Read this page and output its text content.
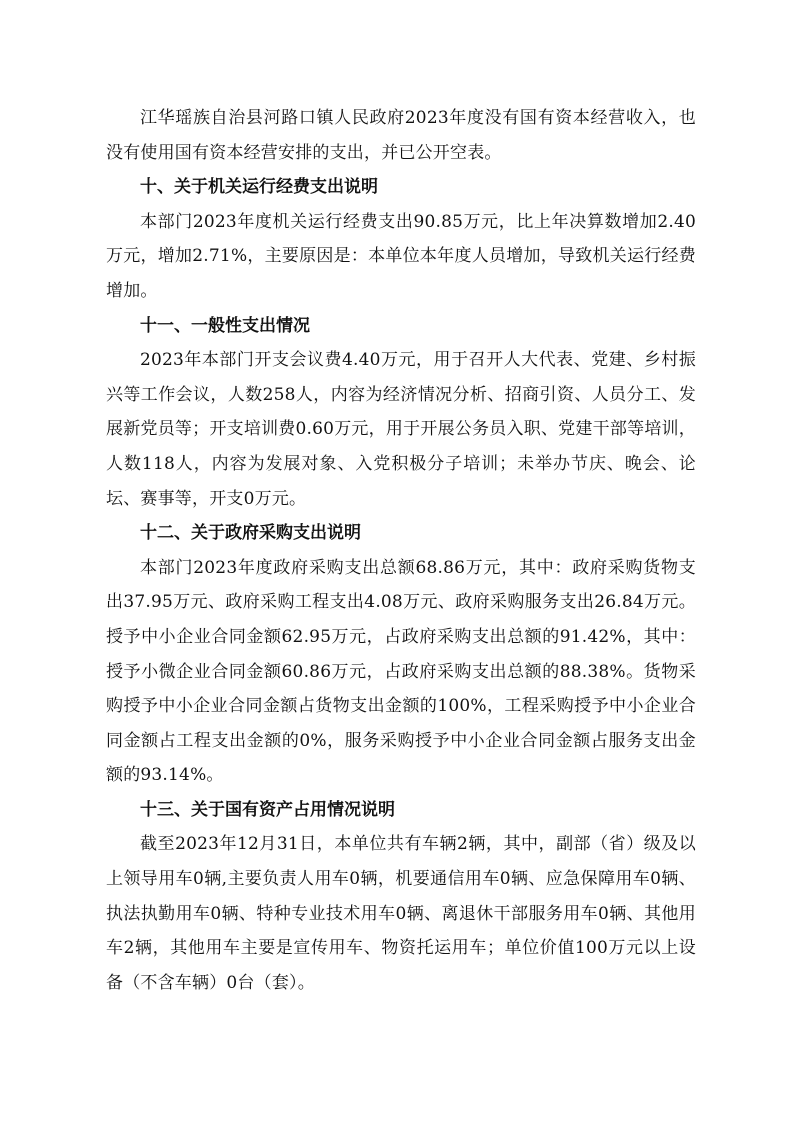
江华瑶族自治县河路口镇人民政府2023年度没有国有资本经营收入，也没有使用国有资本经营安排的支出，并已公开空表。

十、关于机关运行经费支出说明

本部门2023年度机关运行经费支出90.85万元，比上年决算数增加2.40万元，增加2.71%，主要原因是：本单位本年度人员增加，导致机关运行经费增加。

十一、一般性支出情况

2023年本部门开支会议费4.40万元，用于召开人大代表、党建、乡村振兴等工作会议，人数258人，内容为经济情况分析、招商引资、人员分工、发展新党员等；开支培训费0.60万元，用于开展公务员入职、党建干部等培训，人数118人，内容为发展对象、入党积极分子培训；未举办节庆、晚会、论坛、赛事等，开支0万元。

十二、关于政府采购支出说明

本部门2023年度政府采购支出总额68.86万元，其中：政府采购货物支出37.95万元、政府采购工程支出4.08万元、政府采购服务支出26.84万元。授予中小企业合同金额62.95万元，占政府采购支出总额的91.42%，其中：授予小微企业合同金额60.86万元，占政府采购支出总额的88.38%。货物采购授予中小企业合同金额占货物支出金额的100%，工程采购授予中小企业合同金额占工程支出金额的0%，服务采购授予中小企业合同金额占服务支出金额的93.14%。

十三、关于国有资产占用情况说明

截至2023年12月31日，本单位共有车辆2辆，其中，副部（省）级及以上领导用车0辆,主要负责人用车0辆，机要通信用车0辆、应急保障用车0辆、执法执勤用车0辆、特种专业技术用车0辆、离退休干部服务用车0辆、其他用车2辆，其他用车主要是宣传用车、物资托运用车；单位价值100万元以上设备（不含车辆）0台（套）。
